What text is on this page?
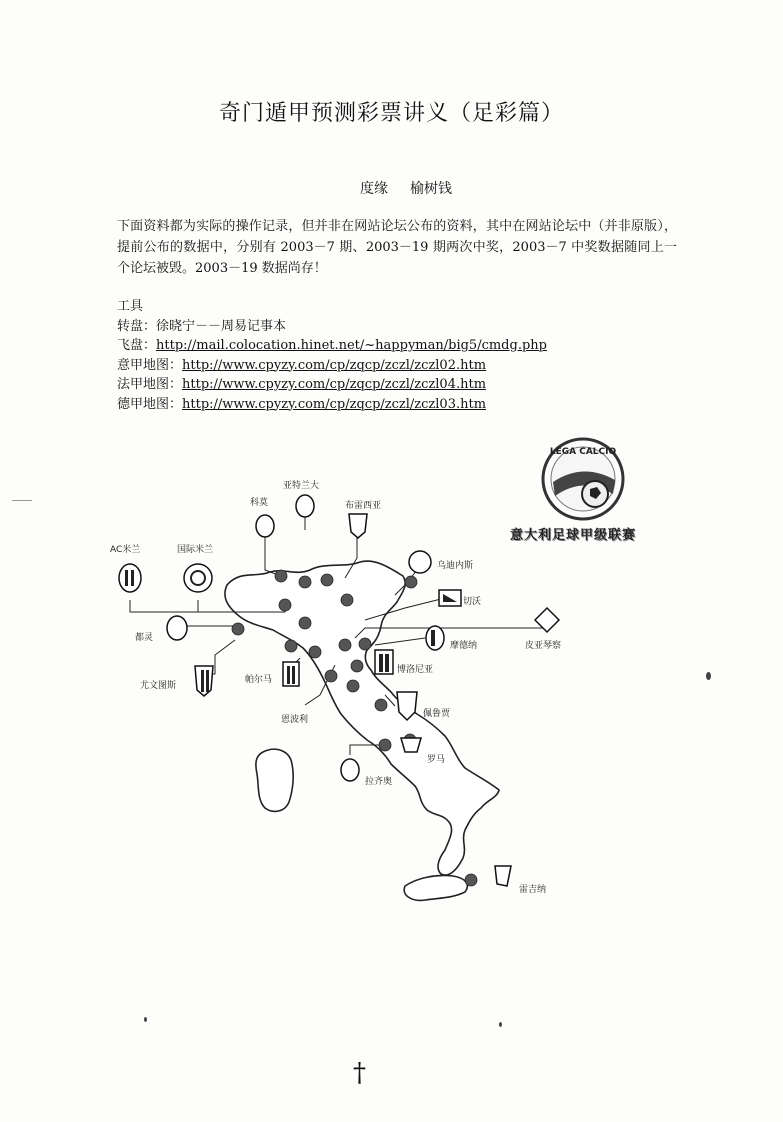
奇门遁甲预测彩票讲义（足彩篇）
度缘 榆树钱
下面资料都为实际的操作记录，但并非在网站论坛公布的资料，其中在网站论坛中（并非原版），提前公布的数据中，分别有 2003－7 期、2003－19 期两次中奖，2003－7 中奖数据随同上一个论坛被毁。2003－19 数据尚存！
工具
转盘：徐晓宁－－周易记事本
飞盘：http://mail.colocation.hinet.net/~happyman/big5/cmdg.php
意甲地图：http://www.cpyzy.com/cp/zqcp/zczl/zczl02.htm
法甲地图：http://www.cpyzy.com/cp/zqcp/zczl/zczl04.htm
德甲地图：http://www.cpyzy.com/cp/zqcp/zczl/zczl03.htm
LEGA CALCIO
意大利足球甲级联赛
AC米兰	国际米兰
科莫
亚特兰大
布雷西亚
乌迪内斯
切沃
皮亚琴察
都灵
摩德纳
博洛尼亚
尤文图斯
帕尔马
恩波利
佩鲁贾
罗马
拉齐奥
雷吉纳
†
